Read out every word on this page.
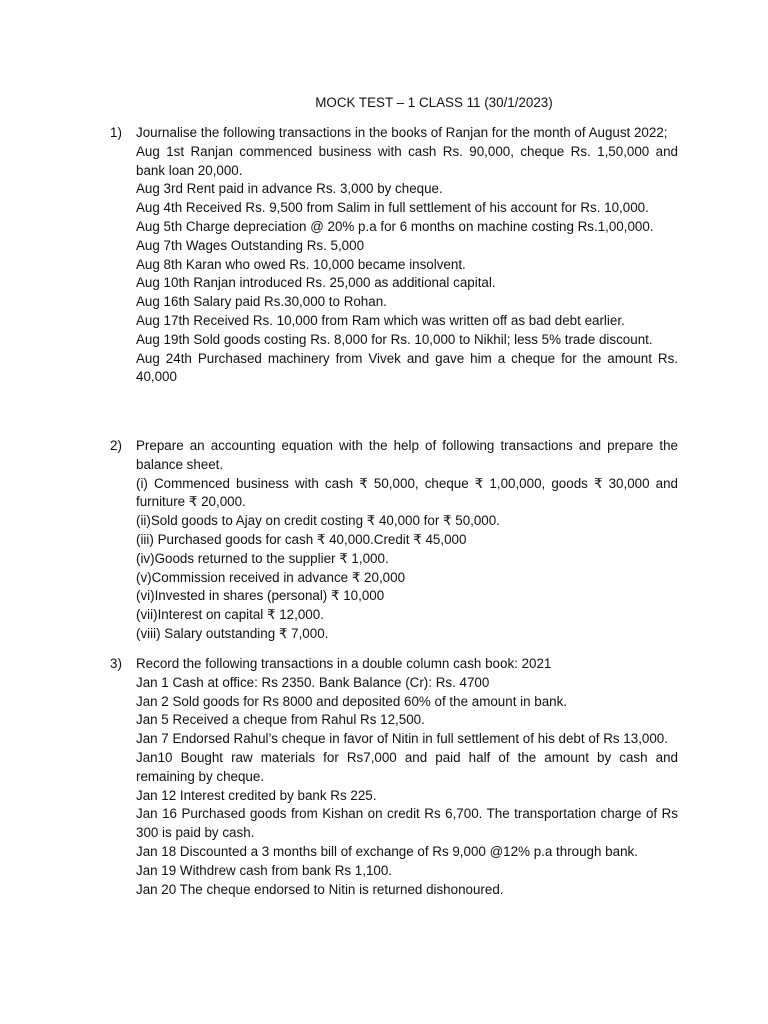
MOCK TEST – 1 CLASS 11 (30/1/2023)
1) Journalise the following transactions in the books of Ranjan for the month of August 2022;
Aug 1st Ranjan commenced business with cash Rs. 90,000, cheque Rs. 1,50,000 and bank loan 20,000.
Aug 3rd Rent paid in advance Rs. 3,000 by cheque.
Aug 4th Received Rs. 9,500 from Salim in full settlement of his account for Rs. 10,000.
Aug 5th Charge depreciation @ 20% p.a for 6 months on machine costing Rs.1,00,000.
Aug 7th Wages Outstanding Rs. 5,000
Aug 8th Karan who owed Rs. 10,000 became insolvent.
Aug 10th Ranjan introduced Rs. 25,000 as additional capital.
Aug 16th Salary paid Rs.30,000 to Rohan.
Aug 17th Received Rs. 10,000 from Ram which was written off as bad debt earlier.
Aug 19th Sold goods costing Rs. 8,000 for Rs. 10,000 to Nikhil; less 5% trade discount.
Aug 24th Purchased machinery from Vivek and gave him a cheque for the amount Rs. 40,000
2) Prepare an accounting equation with the help of following transactions and prepare the balance sheet.
(i) Commenced business with cash ₹ 50,000, cheque ₹ 1,00,000, goods ₹ 30,000 and furniture ₹ 20,000.
(ii)Sold goods to Ajay on credit costing ₹ 40,000 for ₹ 50,000.
(iii) Purchased goods for cash ₹ 40,000.Credit ₹ 45,000
(iv)Goods returned to the supplier ₹ 1,000.
(v)Commission received in advance ₹ 20,000
(vi)Invested in shares (personal) ₹ 10,000
(vii)Interest on capital ₹ 12,000.
(viii) Salary outstanding ₹ 7,000.
3) Record the following transactions in a double column cash book: 2021
Jan 1 Cash at office: Rs 2350. Bank Balance (Cr): Rs. 4700
Jan 2 Sold goods for Rs 8000 and deposited 60% of the amount in bank.
Jan 5 Received a cheque from Rahul Rs 12,500.
Jan 7 Endorsed Rahul’s cheque in favor of Nitin in full settlement of his debt of Rs 13,000.
Jan10 Bought raw materials for Rs7,000 and paid half of the amount by cash and remaining by cheque.
Jan 12 Interest credited by bank Rs 225.
Jan 16 Purchased goods from Kishan on credit Rs 6,700. The transportation charge of Rs 300 is paid by cash.
Jan 18 Discounted a 3 months bill of exchange of Rs 9,000 @12% p.a through bank.
Jan 19 Withdrew cash from bank Rs 1,100.
Jan 20 The cheque endorsed to Nitin is returned dishonoured.
